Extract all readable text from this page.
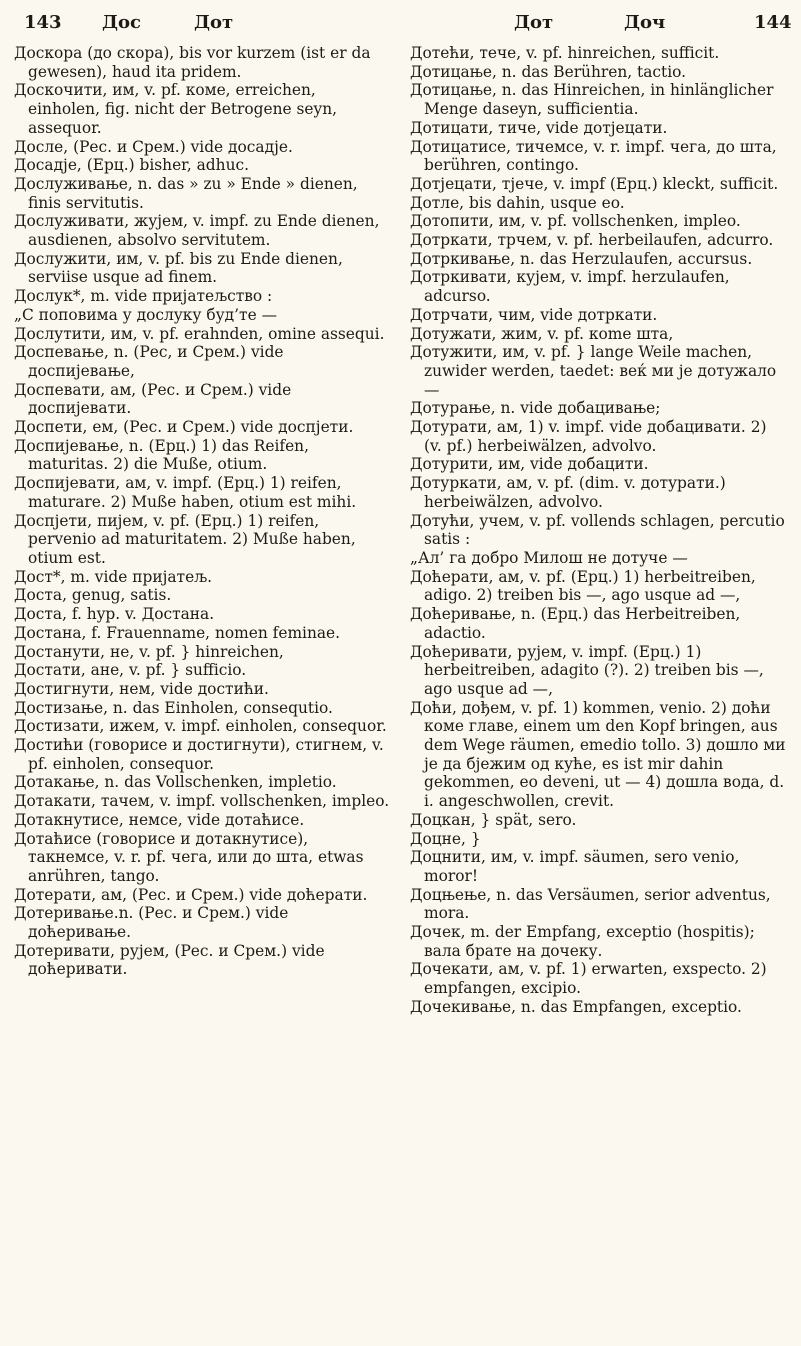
143 Дос	Дот	Дот	Доч	144

Доскора (до скора), bis vor kurzem (ist er da gewesen), haud ita pridem.

Доскочити, им, v. pf. коме, erreichen, einholen, fig. nicht der Betrogene seyn, assequor.

Досле, (Рес. и Срем.) vide досадје.

Досадје, (Ерц.) bisher, adhuc.

Дослуживање, n. das » zu » Ende » dienen, finis servitutis.

Дослуживати, жујем, v. impf. zu Ende dienen, ausdienen, absolvo servitutem.

Дослужити, им, v. pf. bis zu Ende dienen, serviise usque ad finem.

Дослук*, m. vide пријатељство :

„С поповима у дослуку буд’те —

Дослутити, им, v. pf. erahnden, omine assequi.

Доспевање, n. (Рес, и Срем.) vide доспијевање,

Доспевати, ам, (Рес. и Срем.) vide доспијевати.

Доспети, ем, (Рес. и Срем.) vide доспјети.

Доспијевање, n. (Ерц.) 1) das Reifen, maturitas. 2) die Muße, otium.

Доспијевати, ам, v. impf. (Ерц.) 1) reifen, maturare. 2) Muße haben, otium est mihi.

Доспјети, пијем, v. pf. (Ерц.) 1) reifen, pervenio ad maturitatem. 2) Muße haben, otium est.

Дост*, m. vide пријатељ.

Доста, genug, satis.

Доста, f. hyp. v. Достана.

Достана, f. Frauenname, nomen feminae.

Достанути, не, v. pf. } hinreichen,

Достати, ане, v. pf. } sufficio.

Достигнути, нем, vide достићи.

Достизање, n. das Einholen, consequtio.

Достизати, ижем, v. impf. einholen, consequor.

Достићи (говорисе и достигнути), стигнем, v. pf. einholen, consequor.

Дотакање, n. das Vollschenken, impletio.

Дотакати, тачем, v. impf. vollschenken, impleo.

Дотакнутисе, немсе, vide дотаћисе.

Дотаћисе (говорисе и дотакнутисе), такнемсе, v. r. pf. чега, или до шта, etwas anrühren, tango.

Дотерати, ам, (Рес. и Срем.) vide доћерати.

Дотеривање.n. (Рес. и Срем.) vide доћеривање.

Дотеривати, рујем, (Рес. и Срем.) vide доћеривати.

Дотећи, течe, v. pf. hinreichen, sufficit.

Дотицање, n. das Berühren, tactio.

Дотицање, n. das Hinreichen, in hinlänglicher Menge daseyn, sufficientia.

Дотицати, тиче, vide дотјецати.

Дотицатисе, тичемсе, v. r. impf. чега, до шта, berühren, contingo.

Дотјецати, тјече, v. impf (Ерц.) kleckt, sufficit.

Дотле, bis dahin, usque eo.

Дотопити, им, v. pf. vollschenken, impleo.

Дотркати, трчем, v. pf. herbeilaufen, adcurro.

Дотркивање, n. das Herzulaufen, accursus.

Дотркивати, кујем, v. impf. herzulaufen, adcurso.

Дотрчати, чим, vide дотркати.

Дотужати, жим, v. pf. кome шта,

Дотужити, им, v. pf. } lange Weile machen, zuwider werden, taedet: веќ ми je дотужало —

Дотурање, n. vide добацивање;

Дотурати, ам, 1) v. impf. vide добацивати. 2) (v. pf.) herbeiwälzen, advolvo.

Дотурити, им, vide добацити.

Дотуркати, ам, v. pf. (dim. v. дотурати.) herbeiwälzen, advolvo.

Дотући, учем, v. pf. vollends schlagen, percutio satis :

„Ал’ га добро Милош не дотуче —

Доћерати, ам, v. pf. (Ерц.) 1) herbeitreiben, adigo. 2) treiben bis —, ago usque ad —,

Доћеривање, n. (Ерц.) das Herbeitreiben, adactio.

Доћеривати, рујем, v. impf. (Ерц.) 1) herbeitreiben, adagito (?). 2) treiben bis —, ago usque ad —,

Доћи, дођем, v. pf. 1) kommen, venio. 2) доћи коме главе, einem um den Kopf bringen, aus dem Wege räumen, emedio tollo. 3) дошло ми je да бјежим од куће, es ist mir dahin gekommen, eo deveni, ut — 4) дошла вода, d. i. angeschwollen, crevit.

Доцкан, } spät, sero.

Доцне, }

Доцнити, им, v. impf. säumen, sero venio, moror!

Доцњење, n. das Versäumen, serior adventus, mora.

Дочек, m. der Empfang, exceptio (hospitis); вала брате на дочеку.

Дочекати, ам, v. pf. 1) erwarten, exspecto. 2) empfangen, excipio.

Дочекивање, n. das Empfangen, exceptio.
